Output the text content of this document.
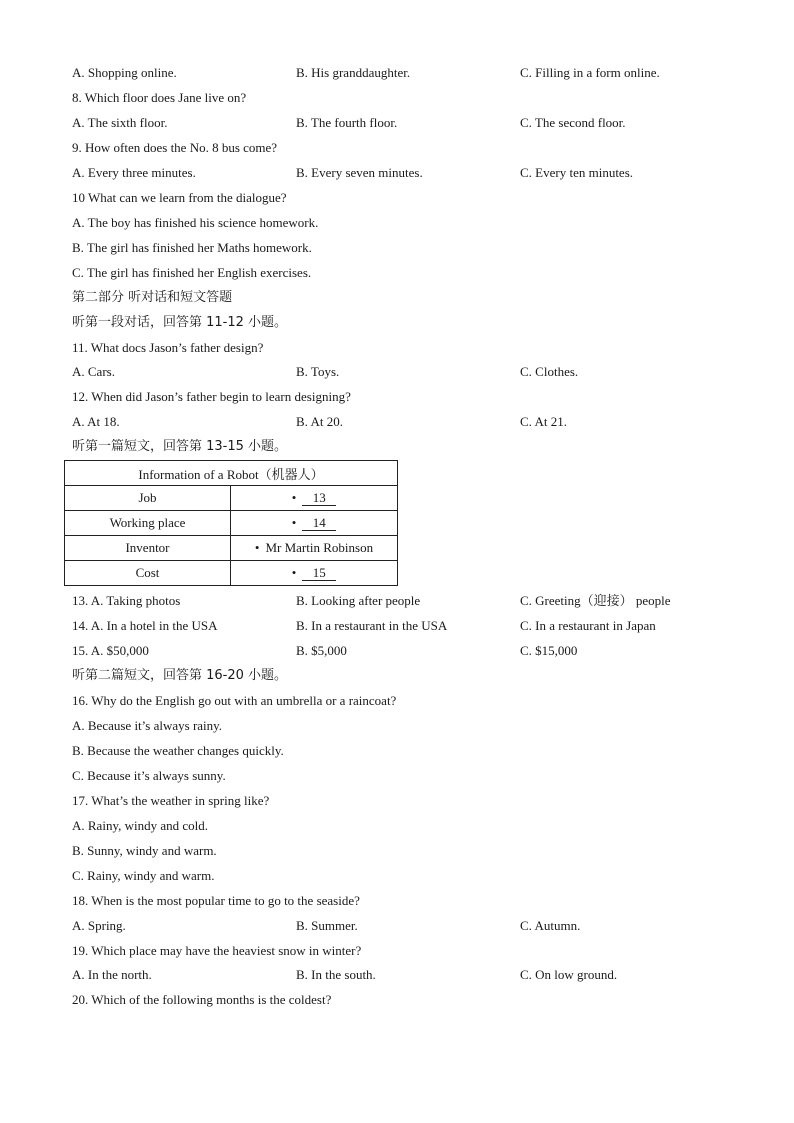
A. Shopping online.	B. His granddaughter.	C. Filling in a form online.
8. Which floor does Jane live on?
A. The sixth floor.	B. The fourth floor.	C. The second floor.
9. How often does the No. 8 bus come?
A. Every three minutes.	B. Every seven minutes.	C. Every ten minutes.
10 What can we learn from the dialogue?
A. The boy has finished his science homework.
B. The girl has finished her Maths homework.
C. The girl has finished her English exercises.
第二部分 听对话和短文答题
听第一段对话，回答第 11-12 小题。
11. What docs Jason’s father design?
A. Cars.	B. Toys.	C. Clothes.
12. When did Jason’s father begin to learn designing?
A. At 18.	B. At 20.	C. At 21.
听第一篇短文，回答第 13-15 小题。
Information of a Robot（机器人）	
Job	• 13
Working place	• 14
Inventor	• Mr Martin Robinson
Cost	• 15
13. A. Taking photos	B. Looking after people	C. Greeting（迎接） people
14. A. In a hotel in the USA	B. In a restaurant in the USA	C. In a restaurant in Japan
15. A. $50,000	B. $5,000	C. $15,000
听第二篇短文，回答第 16-20 小题。
16. Why do the English go out with an umbrella or a raincoat?
A. Because it’s always rainy.
B. Because the weather changes quickly.
C. Because it’s always sunny.
17. What’s the weather in spring like?
A. Rainy, windy and cold.
B. Sunny, windy and warm.
C. Rainy, windy and warm.
18. When is the most popular time to go to the seaside?
A. Spring.	B. Summer.	C. Autumn.
19. Which place may have the heaviest snow in winter?
A. In the north.	B. In the south.	C. On low ground.
20. Which of the following months is the coldest?
